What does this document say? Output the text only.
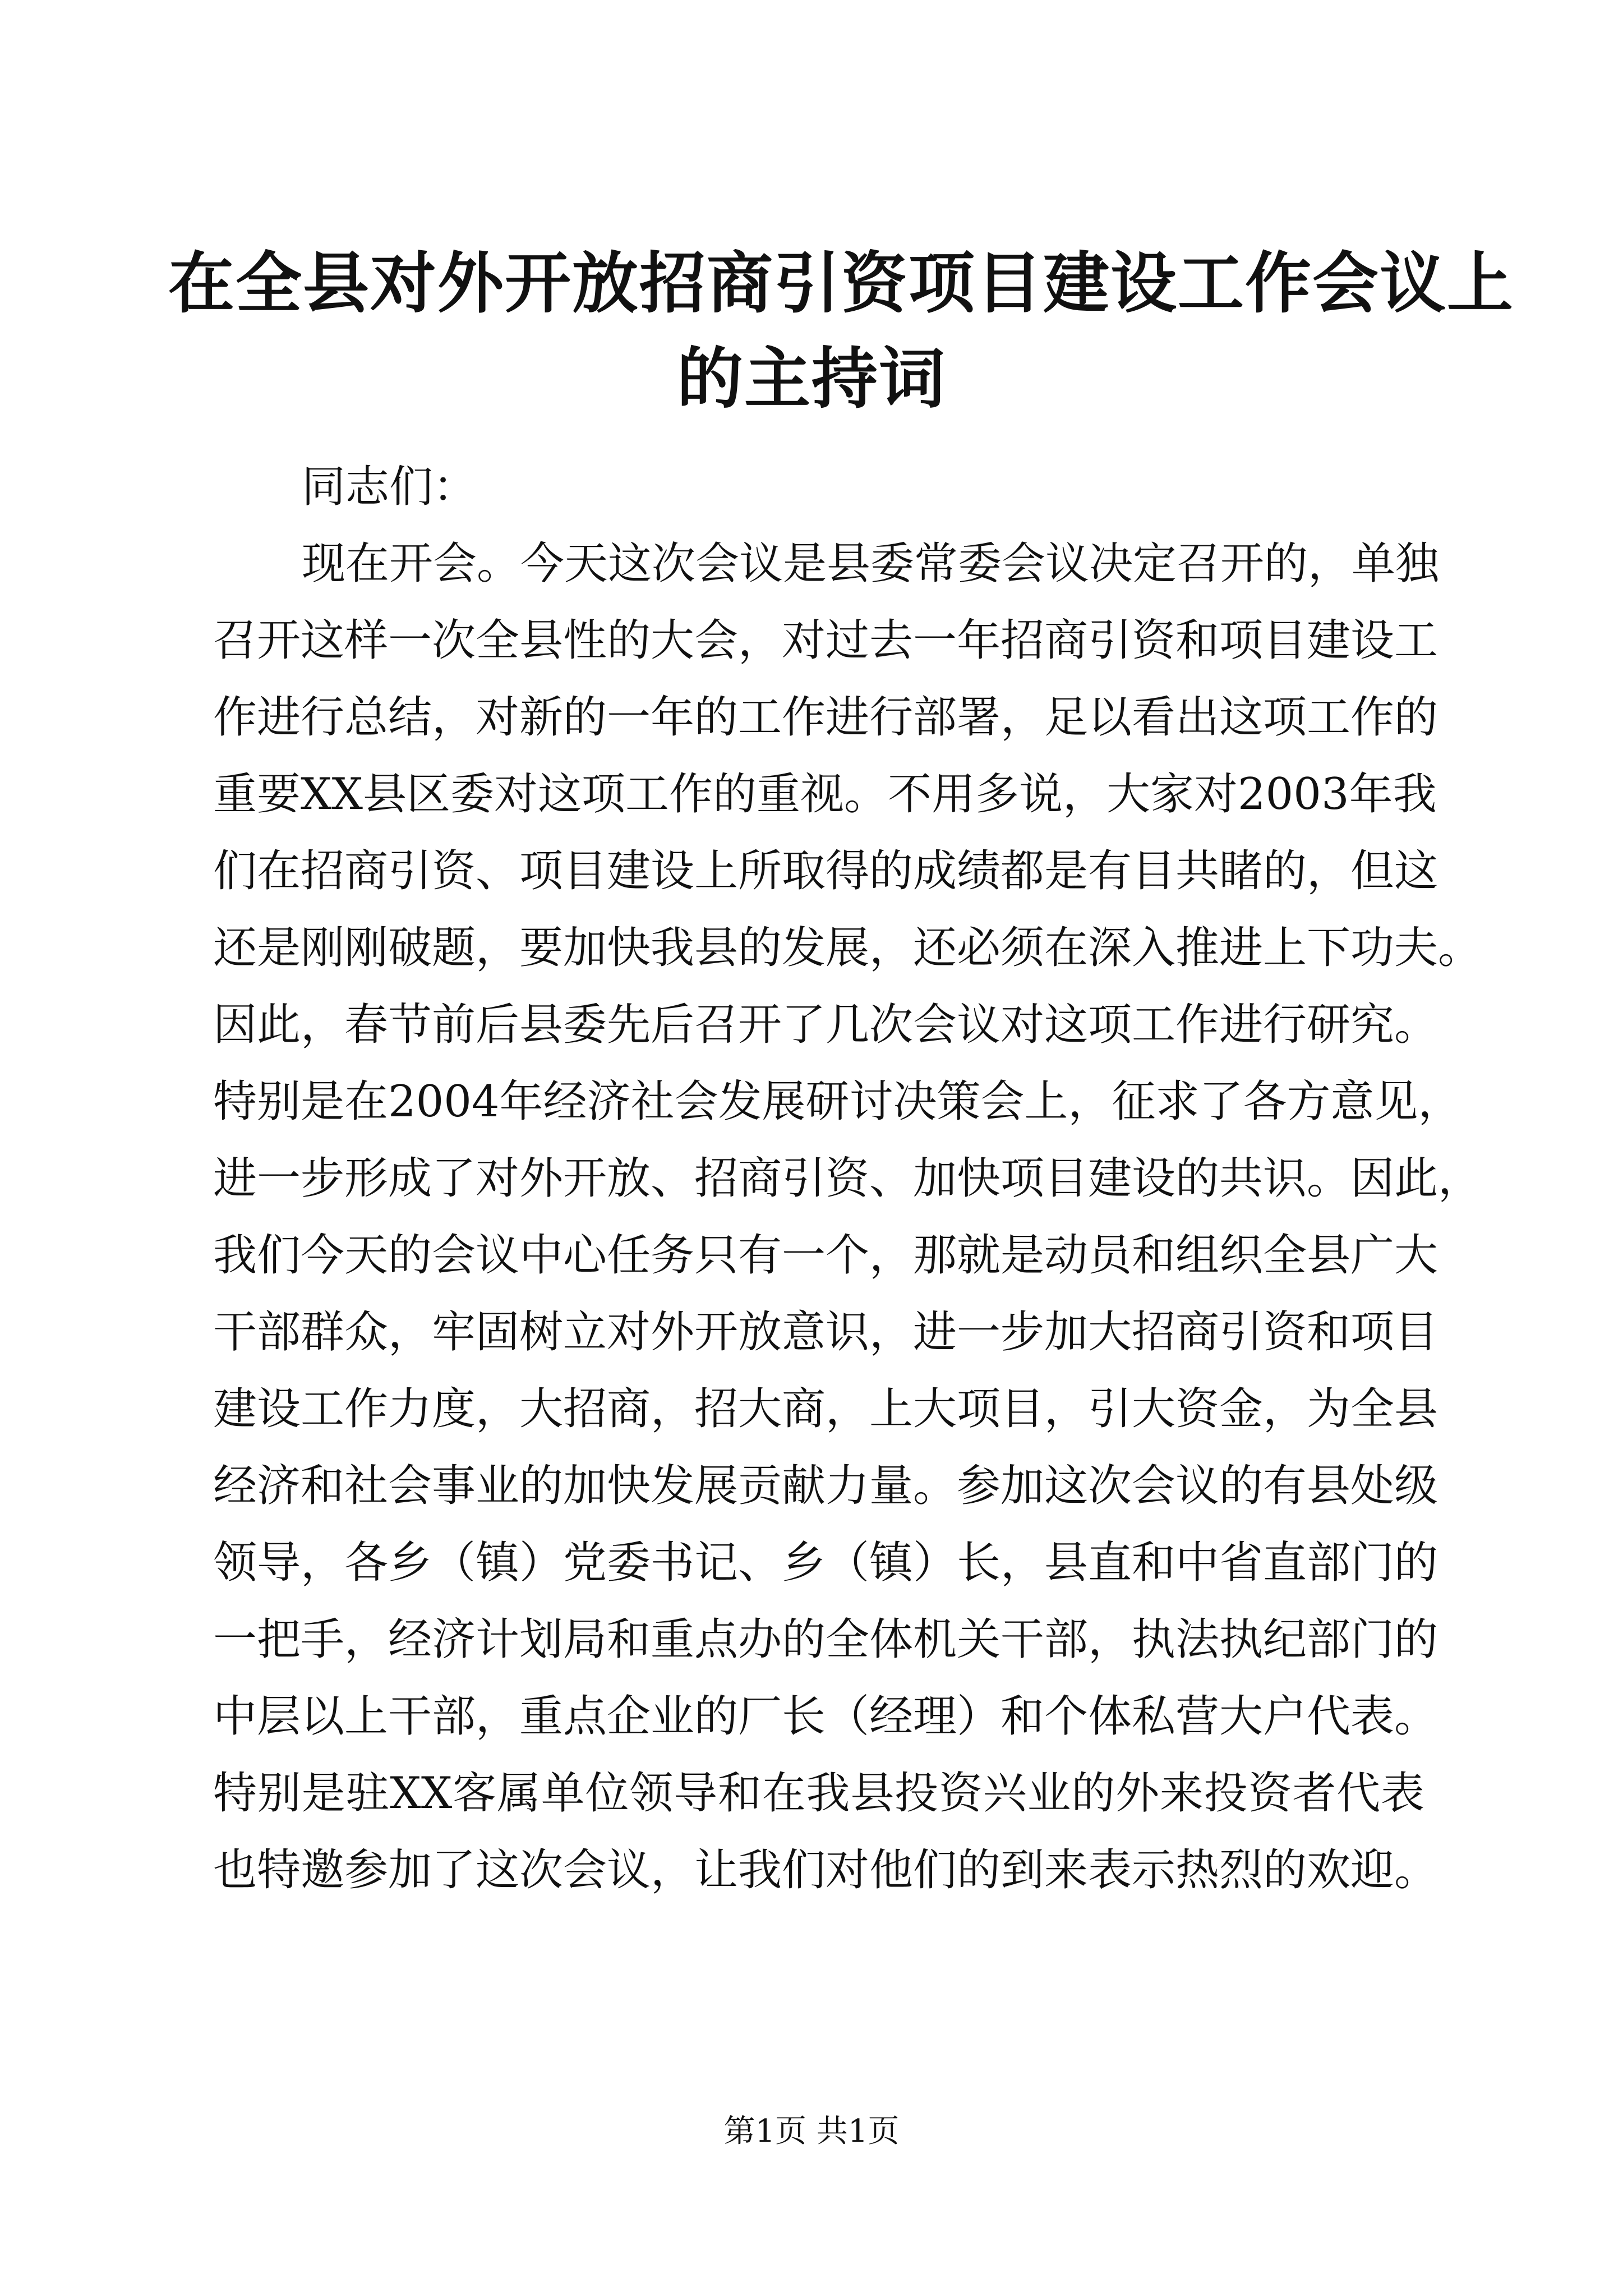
在全县对外开放招商引资项目建设工作会议上
的主持词
同志们：
现在开会。今天这次会议是县委常委会议决定召开的，单独
召开这样一次全县性的大会，对过去一年招商引资和项目建设工
作进行总结，对新的一年的工作进行部署，足以看出这项工作的
重要XX县区委对这项工作的重视。不用多说，大家对2003年我
们在招商引资、项目建设上所取得的成绩都是有目共睹的，但这
还是刚刚破题，要加快我县的发展，还必须在深入推进上下功夫。
因此，春节前后县委先后召开了几次会议对这项工作进行研究。
特别是在2004年经济社会发展研讨决策会上，征求了各方意见，
进一步形成了对外开放、招商引资、加快项目建设的共识。因此，
我们今天的会议中心任务只有一个，那就是动员和组织全县广大
干部群众，牢固树立对外开放意识，进一步加大招商引资和项目
建设工作力度，大招商，招大商，上大项目，引大资金，为全县
经济和社会事业的加快发展贡献力量。参加这次会议的有县处级
领导，各乡（镇）党委书记、乡（镇）长，县直和中省直部门的
一把手，经济计划局和重点办的全体机关干部，执法执纪部门的
中层以上干部，重点企业的厂长（经理）和个体私营大户代表。
特别是驻XX客属单位领导和在我县投资兴业的外来投资者代表
也特邀参加了这次会议，让我们对他们的到来表示热烈的欢迎。
第1页 共1页
